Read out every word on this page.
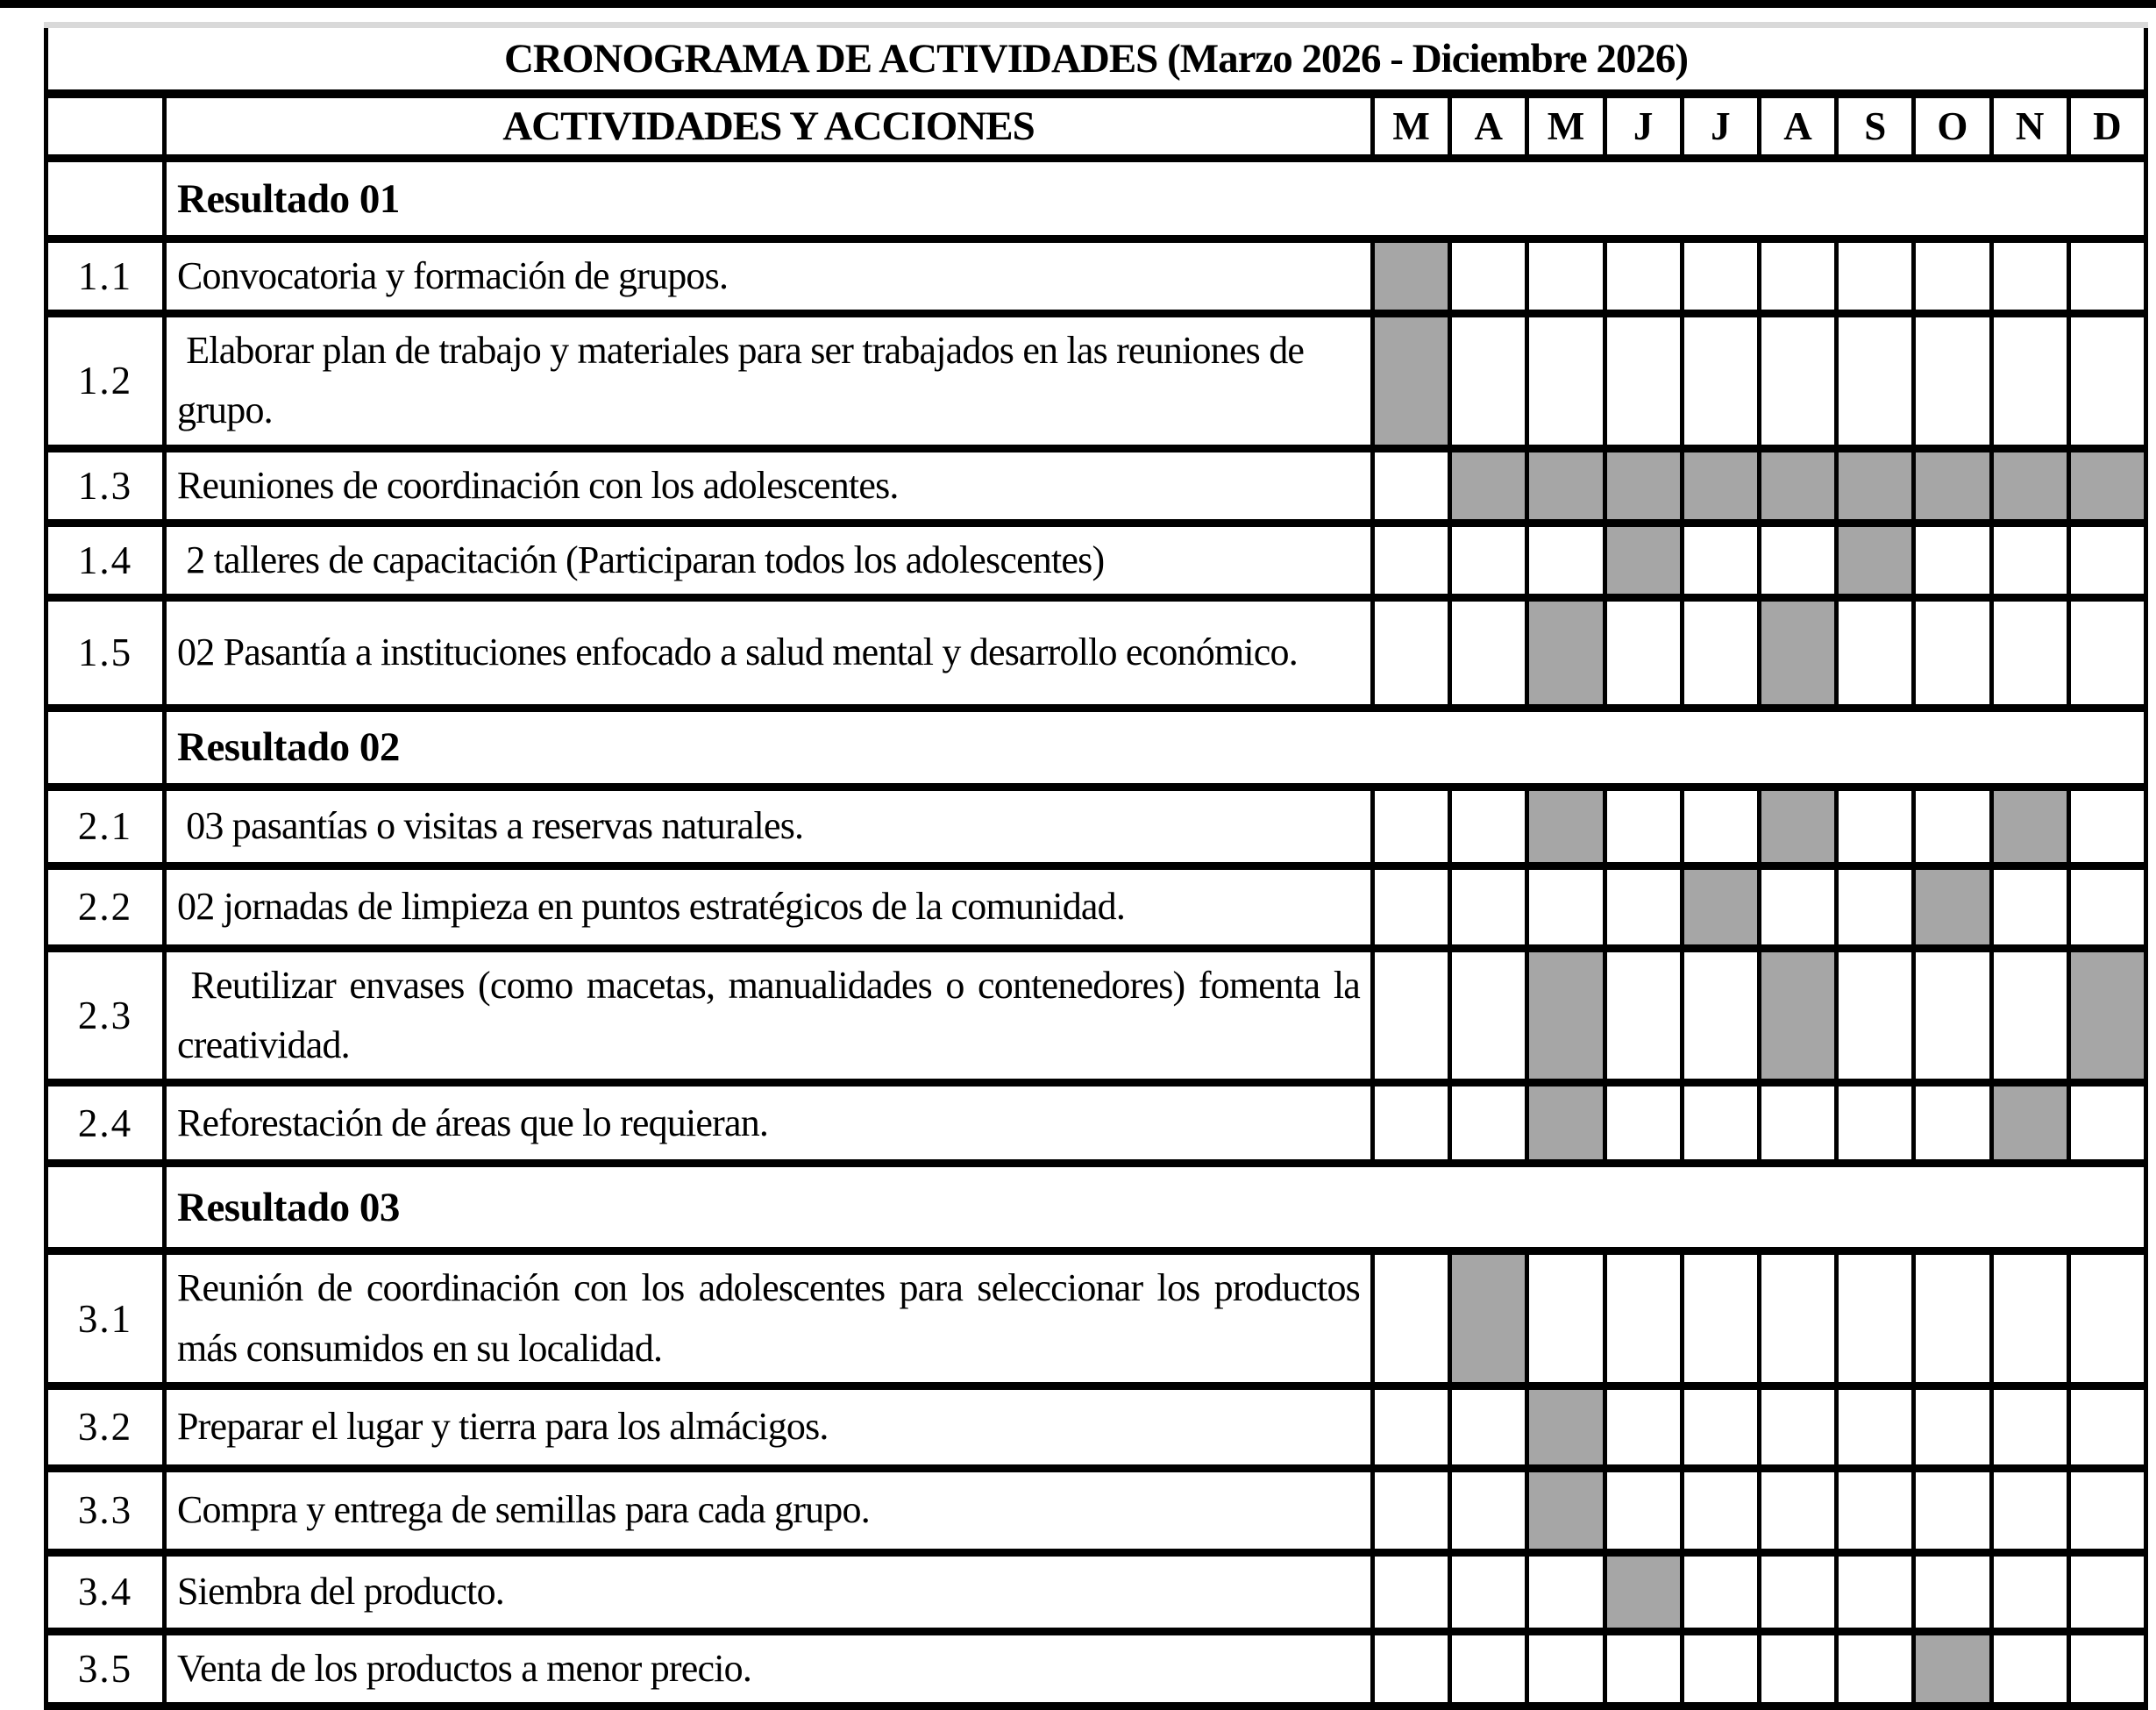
CRONOGRAMA DE ACTIVIDADES (Marzo 2026 - Diciembre 2026)											
	ACTIVIDADES Y ACCIONES	M	A	M	J	J	A	S	O	N	D
	Resultado 01										
1.1	Convocatoria y formación de grupos.										
1.2	Elaborar plan de trabajo y materiales para ser trabajados en las reuniones de grupo.										
1.3	Reuniones de coordinación con los adolescentes.										
1.4	2 talleres de capacitación (Participaran todos los adolescentes)										
1.5	02 Pasantía a instituciones enfocado a salud mental y desarrollo económico.										
	Resultado 02										
2.1	03 pasantías o visitas a reservas naturales.										
2.2	02 jornadas de limpieza en puntos estratégicos de la comunidad.										
2.3	Reutilizar envases (como macetas, manualidades o contenedores) fomenta la creatividad.										
2.4	Reforestación de áreas que lo requieran.										
	Resultado 03										
3.1	Reunión de coordinación con los adolescentes para seleccionar los productos más consumidos en su localidad.										
3.2	Preparar el lugar y tierra para los almácigos.										
3.3	Compra y entrega de semillas para cada grupo.										
3.4	Siembra del producto.										
3.5	Venta de los productos a menor precio.										
